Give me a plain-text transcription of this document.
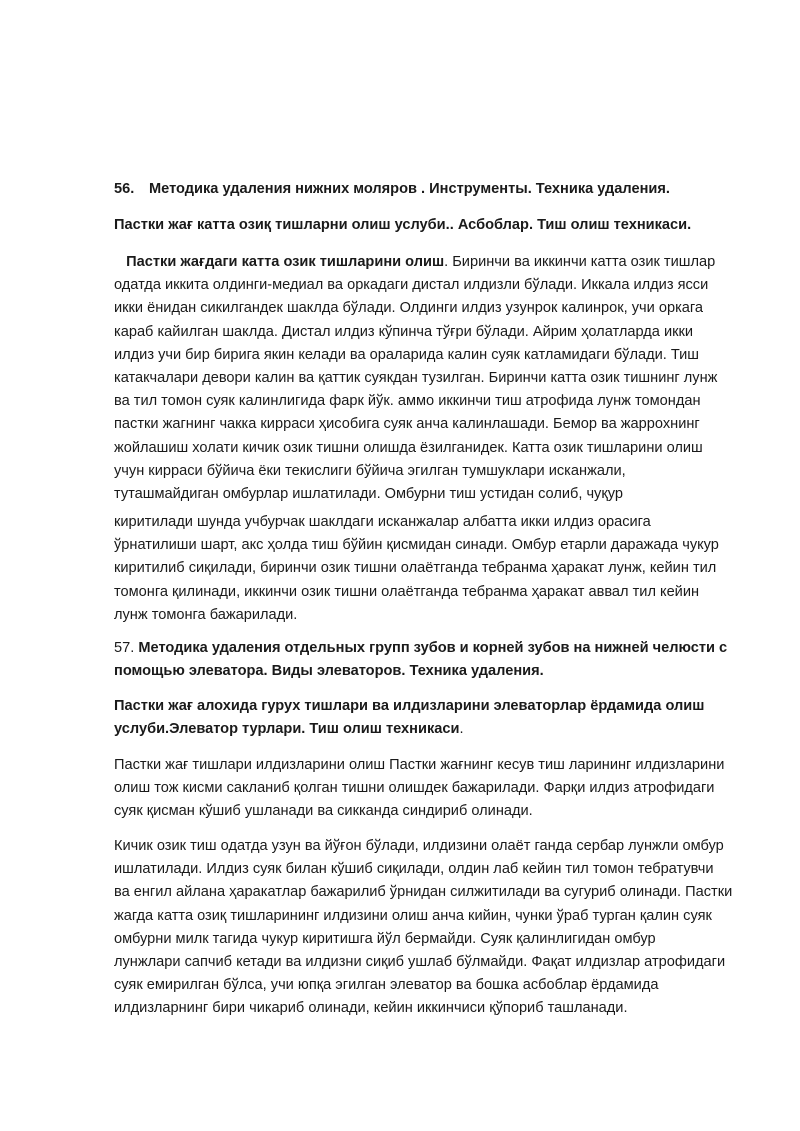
56. Методика удаления нижних моляров . Инструменты. Техника удаления.
Пастки жағ катта озиқ тишларни олиш услуби.. Асбоблар. Тиш олиш техникаси.
Пастки жағдаги катта озик тишларини олиш. Биринчи ва иккинчи катта озик тишлар
одатда иккита олдинги-медиал ва оркадаги дистал илдизли бўлади. Иккала илдиз ясси
икки ёнидан сикилгандек шаклда бўлади. Олдинги илдиз узунрок калинрок, учи оркага
караб кайилган шаклда. Дистал илдиз кўпинча тўғри бўлади. Айрим ҳолатларда икки
илдиз учи бир бирига якин келади ва ораларида калин суяк катламидаги бўлади. Тиш
катакчалари девори калин ва қаттик суякдан тузилган. Биринчи катта озик тишнинг лунж
ва тил томон суяк калинлигида фарк йўк. аммо иккинчи тиш атрофида лунж томондан
пастки жагнинг чакка кирраси ҳисобига суяк анча калинлашади. Бемор ва жаррохнинг
жойлашиш холати кичик озик тишни олишда ёзилганидек. Катта озик тишларини олиш
учун кирраси бўйича ёки текислиги бўйича эгилган тумшуклари исканжали,
туташмайдиган омбурлар ишлатилади. Омбурни тиш устидан солиб, чуқур
киритилади шунда учбурчак шаклдаги исканжалар албатта икки илдиз орасига
ўрнатилиши шарт, акс ҳолда тиш бўйин қисмидан синади. Омбур етарли даражада чукур
киритилиб сиқилади, биринчи озик тишни олаётганда тебранма ҳаракат лунж, кейин тил
томонга қилинади, иккинчи озик тишни олаётганда тебранма ҳаракат аввал тил кейин
лунж томонга бажарилади.
57. Методика удаления отдельных групп зубов и корней зубов на нижней челюсти с
помощью элеватора. Виды элеваторов. Техника удаления.
Пастки жағ алохида гурух тишлари ва илдизларини элеваторлар ёрдамида олиш
услуби.Элеватор турлари. Тиш олиш техникаси.
Пастки жағ тишлари илдизларини олиш Пастки жағнинг кесув тиш ларининг илдизларини
олиш тож кисми сакланиб қолган тишни олишдек бажарилади. Фарқи илдиз атрофидаги
суяк қисман кўшиб ушланади ва сикканда синдириб олинади.
Кичик озик тиш одатда узун ва йўғон бўлади, илдизини олаёт ганда сербар лунжли омбур
ишлатилади. Илдиз суяк билан кўшиб сиқилади, олдин лаб кейин тил томон тебратувчи
ва енгил айлана ҳаракатлар бажарилиб ўрнидан силжитилади ва сугуриб олинади. Пастки
жагда катта озиқ тишларининг илдизини олиш анча кийин, чунки ўраб турган қалин суяк
омбурни милк тагида чукур киритишга йўл бермайди. Суяк қалинлигидан омбур
лунжлари сапчиб кетади ва илдизни сиқиб ушлаб бўлмайди. Фақат илдизлар атрофидаги
суяк емирилган бўлса, учи юпқа эгилган элеватор ва бошка асбоблар ёрдамида
илдизларнинг бири чикариб олинади, кейин иккинчиси қўпориб ташланади.
